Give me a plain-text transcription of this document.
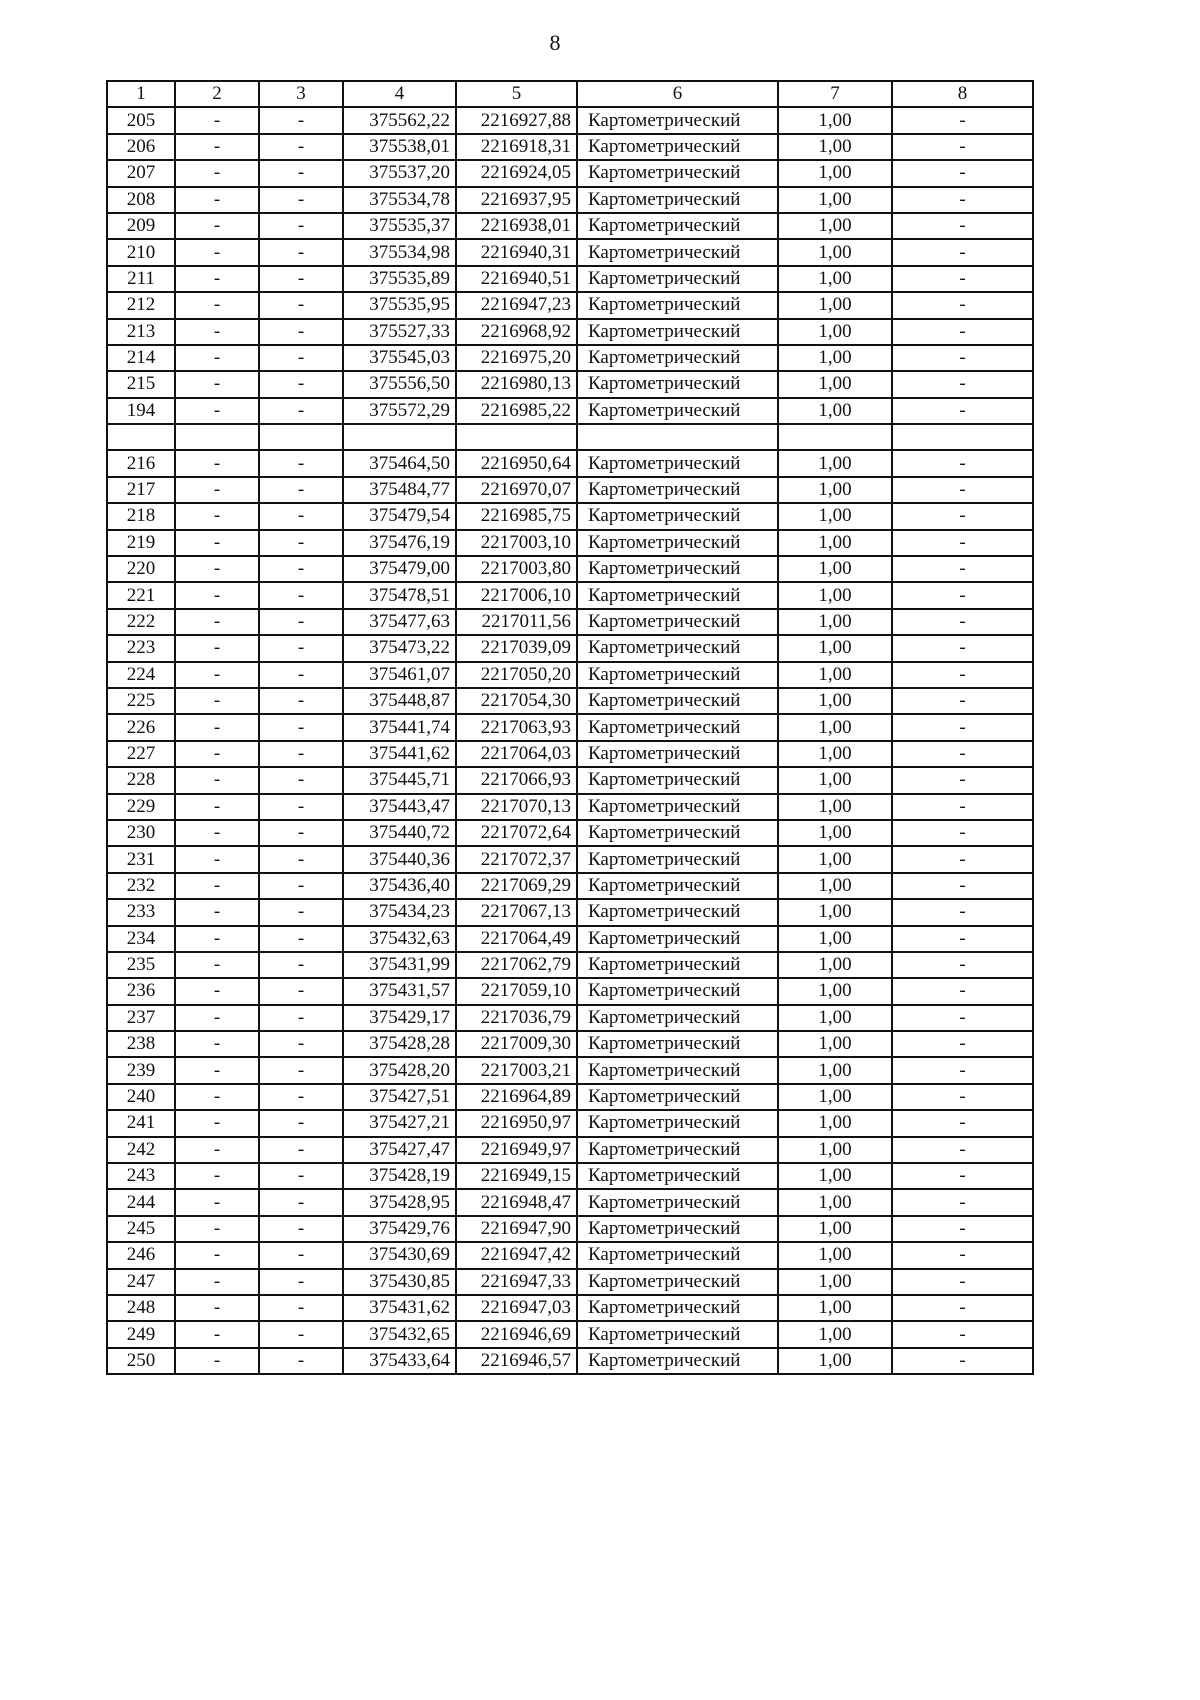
8
1	2	3	4	5	6	7	8
205	-	-	375562,22	2216927,88	Картометрический	1,00	-
206	-	-	375538,01	2216918,31	Картометрический	1,00	-
207	-	-	375537,20	2216924,05	Картометрический	1,00	-
208	-	-	375534,78	2216937,95	Картометрический	1,00	-
209	-	-	375535,37	2216938,01	Картометрический	1,00	-
210	-	-	375534,98	2216940,31	Картометрический	1,00	-
211	-	-	375535,89	2216940,51	Картометрический	1,00	-
212	-	-	375535,95	2216947,23	Картометрический	1,00	-
213	-	-	375527,33	2216968,92	Картометрический	1,00	-
214	-	-	375545,03	2216975,20	Картометрический	1,00	-
215	-	-	375556,50	2216980,13	Картометрический	1,00	-
194	-	-	375572,29	2216985,22	Картометрический	1,00	-

216	-	-	375464,50	2216950,64	Картометрический	1,00	-
217	-	-	375484,77	2216970,07	Картометрический	1,00	-
218	-	-	375479,54	2216985,75	Картометрический	1,00	-
219	-	-	375476,19	2217003,10	Картометрический	1,00	-
220	-	-	375479,00	2217003,80	Картометрический	1,00	-
221	-	-	375478,51	2217006,10	Картометрический	1,00	-
222	-	-	375477,63	2217011,56	Картометрический	1,00	-
223	-	-	375473,22	2217039,09	Картометрический	1,00	-
224	-	-	375461,07	2217050,20	Картометрический	1,00	-
225	-	-	375448,87	2217054,30	Картометрический	1,00	-
226	-	-	375441,74	2217063,93	Картометрический	1,00	-
227	-	-	375441,62	2217064,03	Картометрический	1,00	-
228	-	-	375445,71	2217066,93	Картометрический	1,00	-
229	-	-	375443,47	2217070,13	Картометрический	1,00	-
230	-	-	375440,72	2217072,64	Картометрический	1,00	-
231	-	-	375440,36	2217072,37	Картометрический	1,00	-
232	-	-	375436,40	2217069,29	Картометрический	1,00	-
233	-	-	375434,23	2217067,13	Картометрический	1,00	-
234	-	-	375432,63	2217064,49	Картометрический	1,00	-
235	-	-	375431,99	2217062,79	Картометрический	1,00	-
236	-	-	375431,57	2217059,10	Картометрический	1,00	-
237	-	-	375429,17	2217036,79	Картометрический	1,00	-
238	-	-	375428,28	2217009,30	Картометрический	1,00	-
239	-	-	375428,20	2217003,21	Картометрический	1,00	-
240	-	-	375427,51	2216964,89	Картометрический	1,00	-
241	-	-	375427,21	2216950,97	Картометрический	1,00	-
242	-	-	375427,47	2216949,97	Картометрический	1,00	-
243	-	-	375428,19	2216949,15	Картометрический	1,00	-
244	-	-	375428,95	2216948,47	Картометрический	1,00	-
245	-	-	375429,76	2216947,90	Картометрический	1,00	-
246	-	-	375430,69	2216947,42	Картометрический	1,00	-
247	-	-	375430,85	2216947,33	Картометрический	1,00	-
248	-	-	375431,62	2216947,03	Картометрический	1,00	-
249	-	-	375432,65	2216946,69	Картометрический	1,00	-
250	-	-	375433,64	2216946,57	Картометрический	1,00	-
